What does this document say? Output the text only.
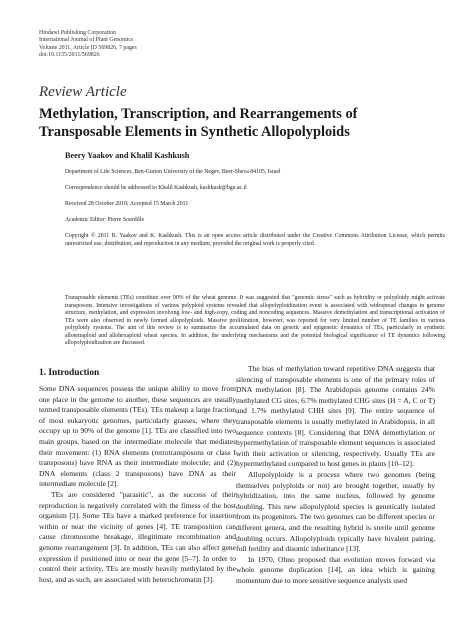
Hindawi Publishing Corporation
International Journal of Plant Genomics
Volume 2011, Article ID 569826, 7 pages
doi:10.1155/2011/569826
Review Article
Methylation, Transcription, and Rearrangements of
Transposable Elements in Synthetic Allopolyploids
Beery Yaakov and Khalil Kashkush
Department of Life Sciences, Ben-Gurion University of the Negev, Beer-Sheva 84105, Israel
Correspondence should be addressed to Khalil Kashkush, kashkush@bgu.ac.il
Received 28 October 2010; Accepted 15 March 2011
Academic Editor: Pierre Sourdille
Copyright © 2011 B. Yaakov and K. Kashkush. This is an open access article distributed under the Creative Commons Attribution License, which permits unrestricted use, distribution, and reproduction in any medium, provided the original work is properly cited.
Transposable elements (TEs) constitute over 90% of the wheat genome. It was suggested that "genomic stress" such as hybridity or polyploidy might activate transposons. Intensive investigations of various polyploid systems revealed that allopolyploidization event is associated with widespread changes in genome structure, methylation, and expression involving low- and high-copy, coding and noncoding sequences. Massive demethylation and transcriptional activation of TEs were also observed in newly formed allopolyploids. Massive proliferation, however, was reported for very limited number of TE families in various polyploidy systems. The aim of this review is to summarize the accumulated data on genetic and epigenetic dynamics of TEs, particularly in synthetic allotetraploid and allohexaploid wheat species. In addition, the underlying mechanisms and the potential biological significance of TE dynamics following allopolyploidization are discussed.
1. Introduction

Some DNA sequences possess the unique ability to move from one place in the genome to another, these sequences are usually termed transposable elements (TEs). TEs makeup a large fraction of most eukaryotic genomes, particularly grasses, where they occupy up to 90% of the genome [1]. TEs are classified into two main groups, based on the intermediate molecule that mediates their movement: (1) RNA elements (retrotransposons or class I transposons) have RNA as their intermediate molecule; and (2) DNA elements (class 2 transposons) have DNA as their intermediate molecule [2].

TEs are considered "parasitic", as the success of their reproduction is negatively correlated with the fitness of the host organism [3]. Some TEs have a marked preference for insertion within or near the vicinity of genes [4]. TE transposition can cause chromosome breakage, illegitimate recombination and genome rearrangement [3]. In addition, TEs can also affect gene expression if positioned into or near the gene [5–7]. In order to control their activity, TEs are mostly heavily methylated by the host, and as such, are associated with heterochromatin [3].

The bias of methylation toward repetitive DNA suggests that silencing of transposable elements is one of the primary roles of DNA methylation [8]. The Arabidopsis genome contains 24% methylated CG sites, 6.7% methylated CHG sites (H = A, C or T) and 1.7% methylated CHH sites [9]. The entire sequence of transposable elements is usually methylated in Arabidopsis, in all sequence contexts [8]. Considering that DNA demethylation or hypermethylation of transposable element sequences is associated with their activation or silencing, respectively. Usually TEs are hypermethylated compared to host genes in plants [10–12].

Allopolyploidy is a process where two genomes (being themselves polyploids or not) are brought together, usually by hybridization, into the same nucleus, followed by genome doubling. This new allopolyploid species is genetically isolated from its progenitors. The two genomes can be different species or different genera, and the resulting hybrid is sterile until genome doubling occurs. Allopolyploids typically have bivalent pairing, full fertility and disomic inheritance [13].

In 1970, Ohno proposed that evolution moves forward via whole genome duplication [14], an idea which is gaining momentum due to more sensitive sequence analysis used
